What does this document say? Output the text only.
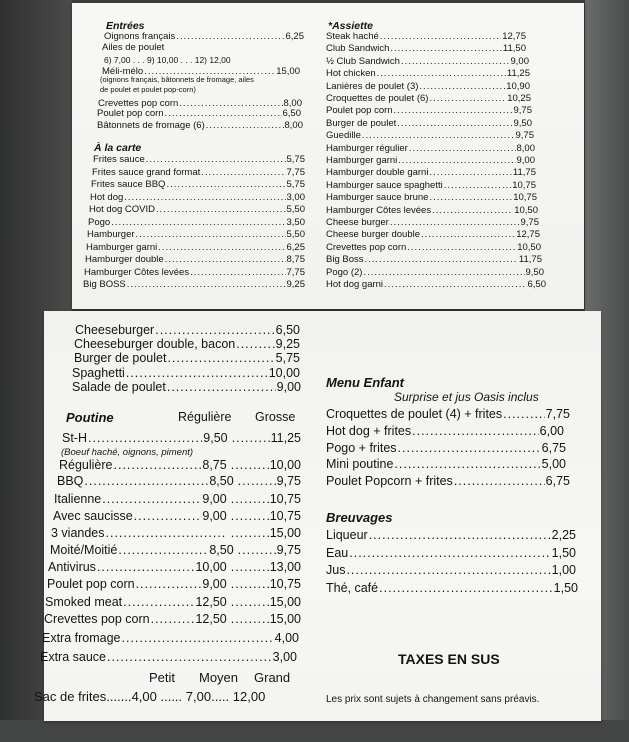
Entrées
Oignons français .....	6,25
Ailes de poulet
6) 7,00 . . . 9) 10,00 . . . 12) 12,00
Méli-mélo .....	15,00
(oignons français, bâtonnets de fromage, ailes
de poulet et poulet pop-corn)
Crevettes pop corn .....	8,00
Poulet pop corn .....	6,50
Bâtonnets de fromage (6) .....	8,00
À la carte
Frites sauce .....	5,75
Frites sauce grand format .....	7,75
Frites sauce BBQ .....	5,75
Hot dog .....	3,00
Hot dog COVID .....	5,50
Pogo .....	3,50
Hamburger .....	5,50
Hamburger garni .....	6,25
Hamburger double .....	8,75
Hamburger Côtes levées .....	7,75
Big BOSS .....	9,25
*Assiette
Steak haché .....	12,75
Club Sandwich .....	11,50
½ Club Sandwich .....	9,00
Hot chicken .....	11,25
Lanières de poulet (3) .....	10,90
Croquettes de poulet (6) .....	10,25
Poulet pop corn .....	9,75
Burger de poulet .....	9,50
Guedille .....	9,75
Hamburger régulier .....	8,00
Hamburger garni .....	9,00
Hamburger double garni .....	11,75
Hamburger sauce spaghetti .....	10,75
Hamburger sauce brune .....	10,75
Hamburger Côtes levées .....	10,50
Cheese burger .....	9,75
Cheese burger double .....	12,75
Crevettes pop corn .....	10,50
Big Boss .....	11,75
Pogo (2) .....	9,50
Hot dog garni .....	6,50
Cheeseburger .....	6,50
Cheeseburger double, bacon .....	9,25
Burger de poulet .....	5,75
Spaghetti .....	10,00
Salade de poulet .....	9,00
Poutine	Régulière Grosse
(Boeuf haché, oignons, piment)
St-H .....	9,50 .....	11,25
Régulière .....	8,75 .....	10,00
BBQ .....	8,50 .....	9,75
Italienne .....	9,00 .....	10,75
Avec saucisse .....	9,00 .....	10,75
3 viandes ..... .....	15,00
Moité/Moitié .....	8,50 .....	9,75
Antivirus .....	10,00 .....	13,00
Poulet pop corn .....	9,00 .....	10,75
Smoked meat .....	12,50 .....	15,00
Crevettes pop corn .....	12,50 .....	15,00
Extra fromage .....	4,00
Extra sauce .....	3,00
Petit Moyen Grand
Sac de frites.......4,00 ...... 7,00..... 12,00
Menu Enfant
Surprise et jus Oasis inclus
Croquettes de poulet (4) + frites .....	7,75
Hot dog + frites .....	6,00
Pogo + frites .....	6,75
Mini poutine .....	5,00
Poulet Popcorn + frites .....	6,75
Breuvages
Liqueur .....	2,25
Eau .....	1,50
Jus .....	1,00
Thé, café .....	1,50
TAXES EN SUS
Les prix sont sujets à changement sans préavis.
